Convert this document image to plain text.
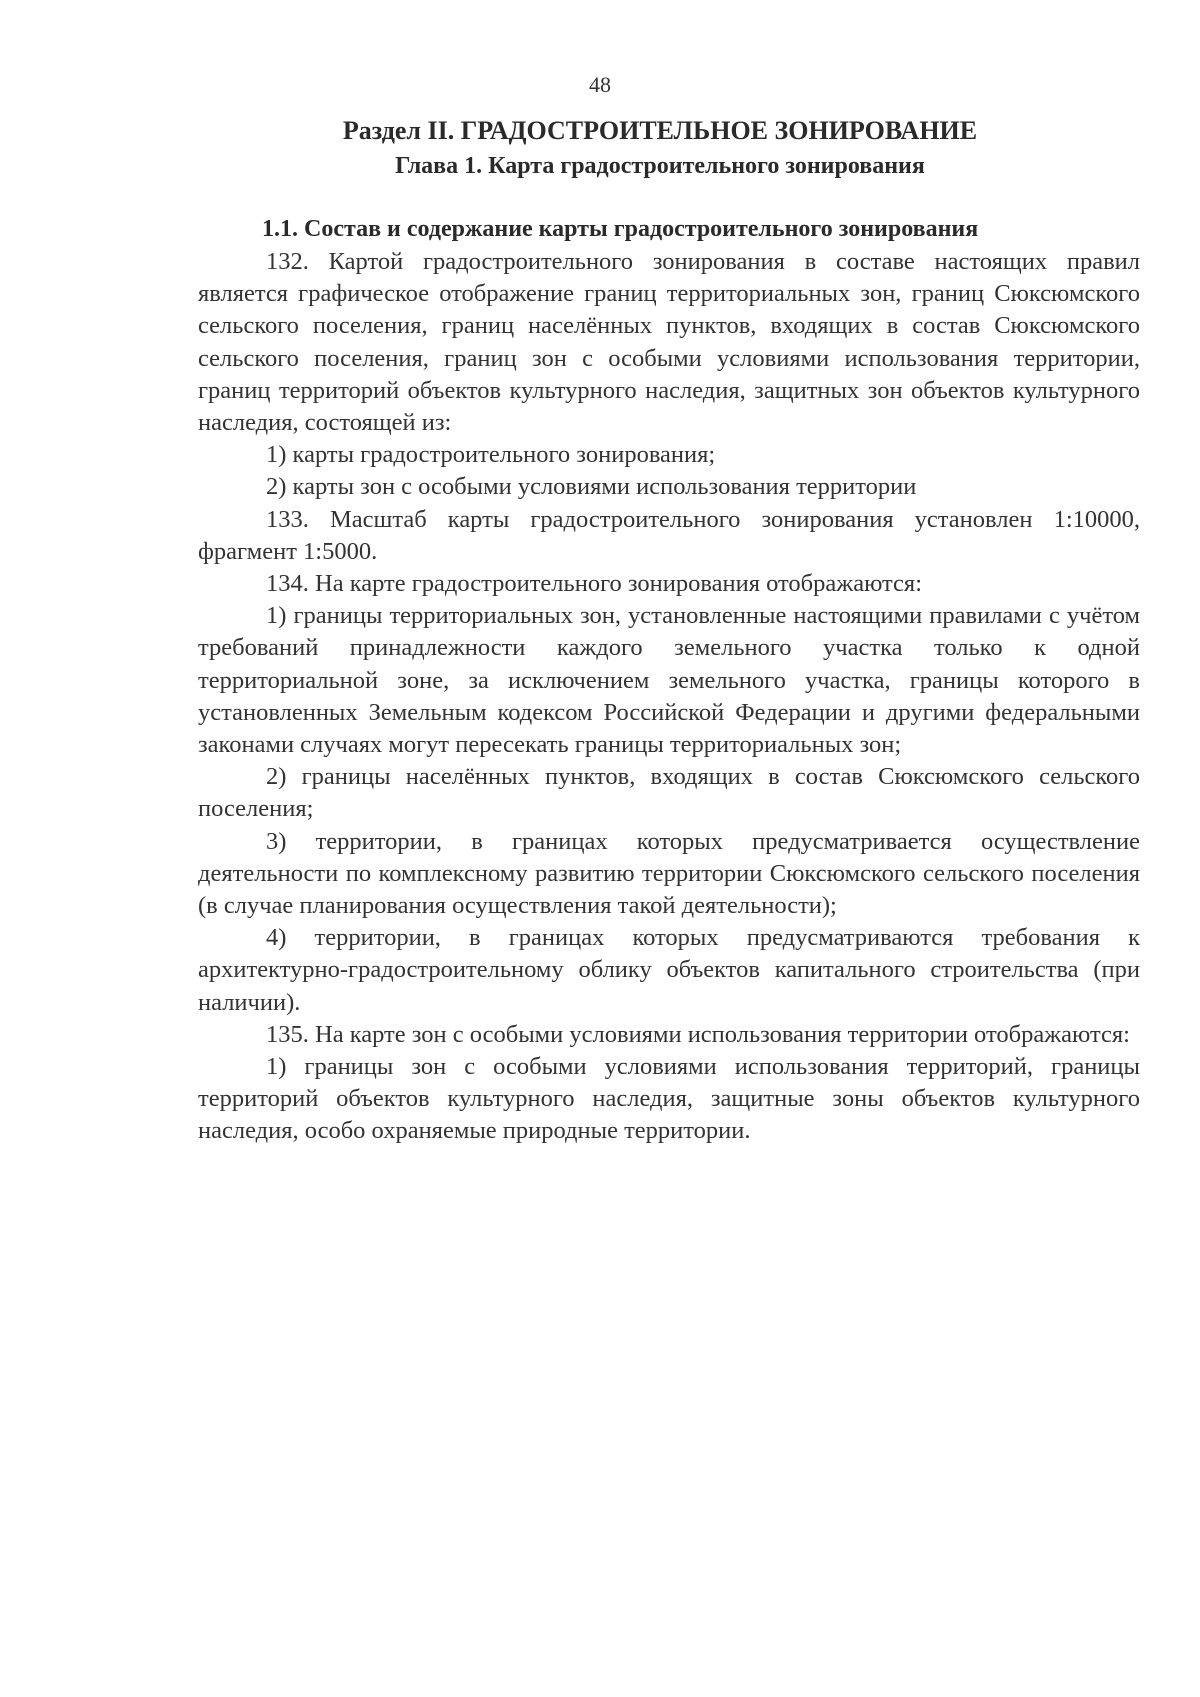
48
Раздел II. ГРАДОСТРОИТЕЛЬНОЕ ЗОНИРОВАНИЕ
Глава 1. Карта градостроительного зонирования
1.1. Состав и содержание карты градостроительного зонирования

132. Картой градостроительного зонирования в составе настоящих правил является графическое отображение границ территориальных зон, границ Сюксюмского сельского поселения, границ населённых пунктов, входящих в состав Сюксюмского сельского поселения, границ зон с особыми условиями использования территории, границ территорий объектов культурного наследия, защитных зон объектов культурного наследия, состоящей из:

1) карты градостроительного зонирования;

2) карты зон с особыми условиями использования территории

133. Масштаб карты градостроительного зонирования установлен 1:10000, фрагмент 1:5000.

134. На карте градостроительного зонирования отображаются:

1) границы территориальных зон, установленные настоящими правилами с учётом требований принадлежности каждого земельного участка только к одной территориальной зоне, за исключением земельного участка, границы которого в установленных Земельным кодексом Российской Федерации и другими федеральными законами случаях могут пересекать границы территориальных зон;

2) границы населённых пунктов, входящих в состав Сюксюмского сельского поселения;

3) территории, в границах которых предусматривается осуществление деятельности по комплексному развитию территории Сюксюмского сельского поселения (в случае планирования осуществления такой деятельности);

4) территории, в границах которых предусматриваются требования к архитектурно-градостроительному облику объектов капитального строительства (при наличии).

135. На карте зон с особыми условиями использования территории отображаются:

1) границы зон с особыми условиями использования территорий, границы территорий объектов культурного наследия, защитные зоны объектов культурного наследия, особо охраняемые природные территории.
